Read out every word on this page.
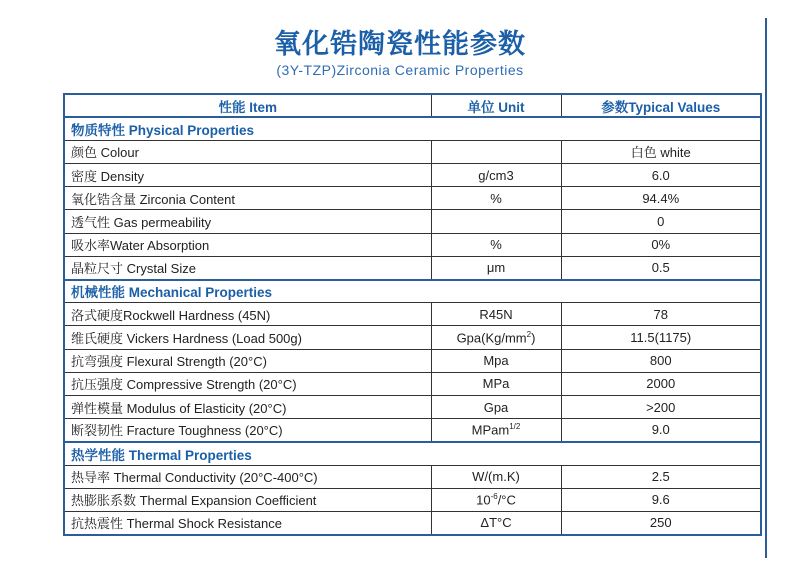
氧化锆陶瓷性能参数
(3Y-TZP)Zirconia Ceramic Properties
性能 Item	单位 Unit	参数Typical Values
物质特性 Physical Properties		
颜色 Colour		白色 white
密度 Density	g/cm3	6.0
氧化锆含量 Zirconia Content	%	94.4%
透气性 Gas permeability		0
吸水率Water Absorption	%	0%
晶粒尺寸 Crystal Size	μm	0.5
机械性能 Mechanical Properties		
洛式硬度Rockwell Hardness (45N)	R45N	78
维氏硬度 Vickers Hardness (Load 500g)	$Gpa(Kg/mm^2)$	11.5(1175)
抗弯强度 Flexural Strength (20°C)	Mpa	800
抗压强度 Compressive Strength (20°C)	MPa	2000
弹性模量 Modulus of Elasticity (20°C)	Gpa	>200
断裂韧性 Fracture Toughness (20°C)	MPam$^{1/2}$	9.0
热学性能 Thermal Properties		
热导率 Thermal Conductivity (20°C-400°C)	W/(m.K)	2.5
热膨胀系数 Thermal Expansion Coefficient	$10^{-6}/^\circ C$	9.6
抗热震性 Thermal Shock Resistance	ΔT°C	250
